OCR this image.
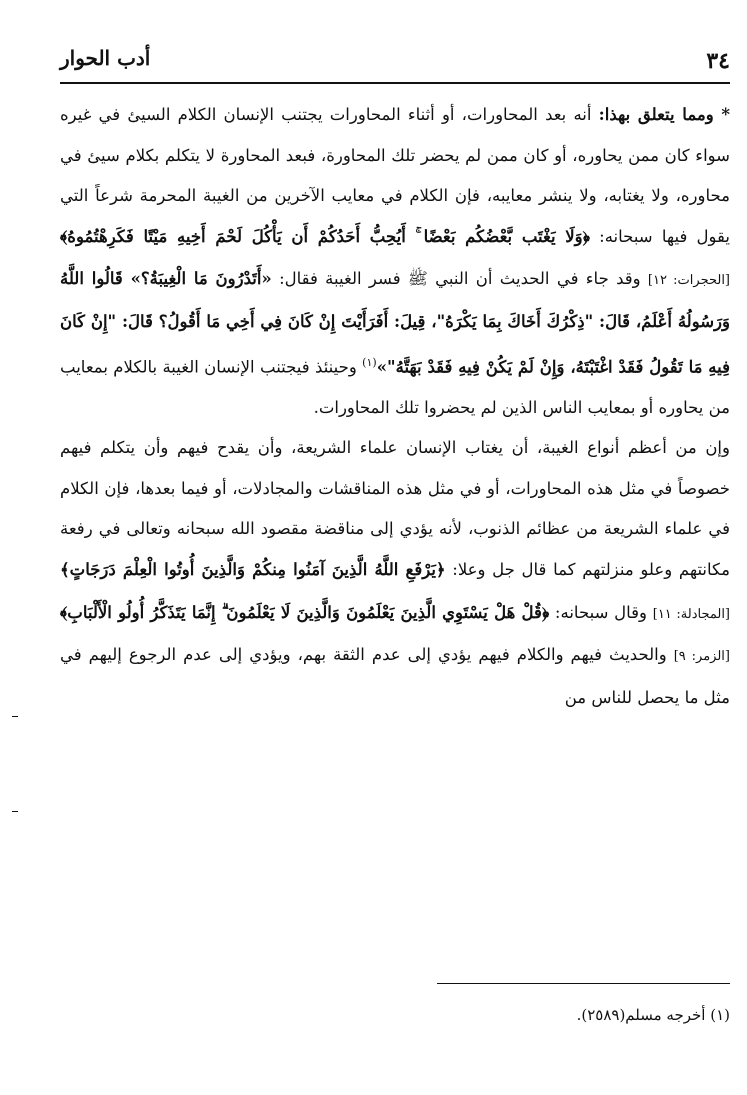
٣٤
أدب الحوار

* ومما يتعلق بهذا: أنه بعد المحاورات، أو أثناء المحاورات يجتنب الإنسان الكلام السيئ في غيره سواء كان ممن يحاوره، أو كان ممن لم يحضر تلك المحاورة، فبعد المحاورة لا يتكلم بكلام سيئ في محاوره، ولا يغتابه، ولا ينشر معايبه، فإن الكلام في معايب الآخرين من الغيبة المحرمة شرعاً التي يقول فيها سبحانه: ﴿وَلَا يَغْتَب بَّعْضُكُم بَعْضًا ۚ أَيُحِبُّ أَحَدُكُمْ أَن يَأْكُلَ لَحْمَ أَخِيهِ مَيْتًا فَكَرِهْتُمُوهُ﴾ [الحجرات: ١٢] وقد جاء في الحديث أن النبي ﷺ فسر الغيبة فقال: «أَتَدْرُونَ مَا الْغِيبَةُ؟» قَالُوا اللَّهُ وَرَسُولُهُ أَعْلَمُ، قَالَ: "ذِكْرُكَ أَخَاكَ بِمَا يَكْرَهُ"، قِيلَ: أَفَرَأَيْتَ إِنْ كَانَ فِي أَخِي مَا أَقُولُ؟ قَالَ: "إِنْ كَانَ فِيهِ مَا تَقُولُ فَقَدْ اغْتَبْتَهُ، وَإِنْ لَمْ يَكُنْ فِيهِ فَقَدْ بَهَتَّهُ"»$^{(١)}$ وحينئذ فيجتنب الإنسان الغيبة بالكلام بمعايب من يحاوره أو بمعايب الناس الذين لم يحضروا تلك المحاورات.

وإن من أعظم أنواع الغيبة، أن يغتاب الإنسان علماء الشريعة، وأن يقدح فيهم وأن يتكلم فيهم خصوصاً في مثل هذه المحاورات، أو في مثل هذه المناقشات والمجادلات، أو فيما بعدها، فإن الكلام في علماء الشريعة من عظائم الذنوب، لأنه يؤدي إلى مناقضة مقصود الله سبحانه وتعالى في رفعة مكانتهم وعلو منزلتهم كما قال جل وعلا: ﴿يَرْفَعِ اللَّهُ الَّذِينَ آمَنُوا مِنكُمْ وَالَّذِينَ أُوتُوا الْعِلْمَ دَرَجَاتٍ﴾ [المجادلة: ١١] وقال سبحانه: ﴿قُلْ هَلْ يَسْتَوِي الَّذِينَ يَعْلَمُونَ وَالَّذِينَ لَا يَعْلَمُونَ ۗ إِنَّمَا يَتَذَكَّرُ أُولُو الْأَلْبَابِ﴾ [الزمر: ٩] والحديث فيهم والكلام فيهم يؤدي إلى عدم الثقة بهم، ويؤدي إلى عدم الرجوع إليهم في مثل ما يحصل للناس من

(١) أخرجه مسلم(٢٥٨٩).
